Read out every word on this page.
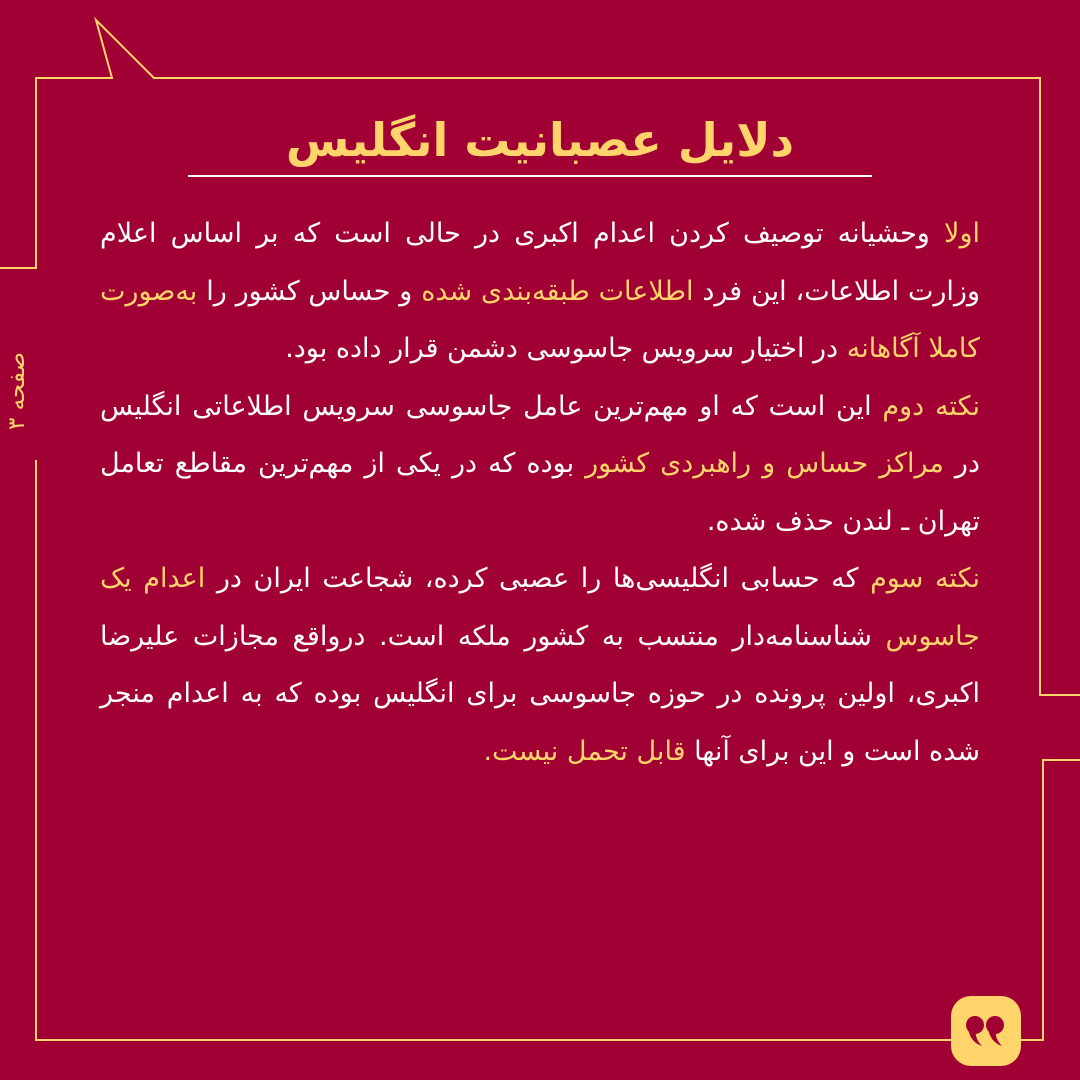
صفحه ۳
دلایل عصبانیت انگلیس

اولا وحشیانه توصیف کردن اعدام اکبری در حالی است که بر اساس اعلام وزارت اطلاعات، این فرد اطلاعات طبقه‌بندی شده و حساس کشور را به‌صورت کاملا آگاهانه در اختیار سرویس جاسوسی دشمن قرار داده بود.

نکته دوم این است که او مهم‌ترین عامل جاسوسی سرویس اطلاعاتی انگلیس در مراکز حساس و راهبردی کشور بوده که در یکی از مهم‌ترین مقاطع تعامل تهران ـ لندن حذف شده.

نکته سوم که حسابی انگلیسی‌ها را عصبی کرده، شجاعت ایران در اعدام یک جاسوس شناسنامه‌دار منتسب به کشور ملکه است. درواقع مجازات علیرضا اکبری، اولین پرونده در حوزه جاسوسی برای انگلیس بوده که به اعدام منجر شده است و این برای آنها قابل تحمل نیست.
